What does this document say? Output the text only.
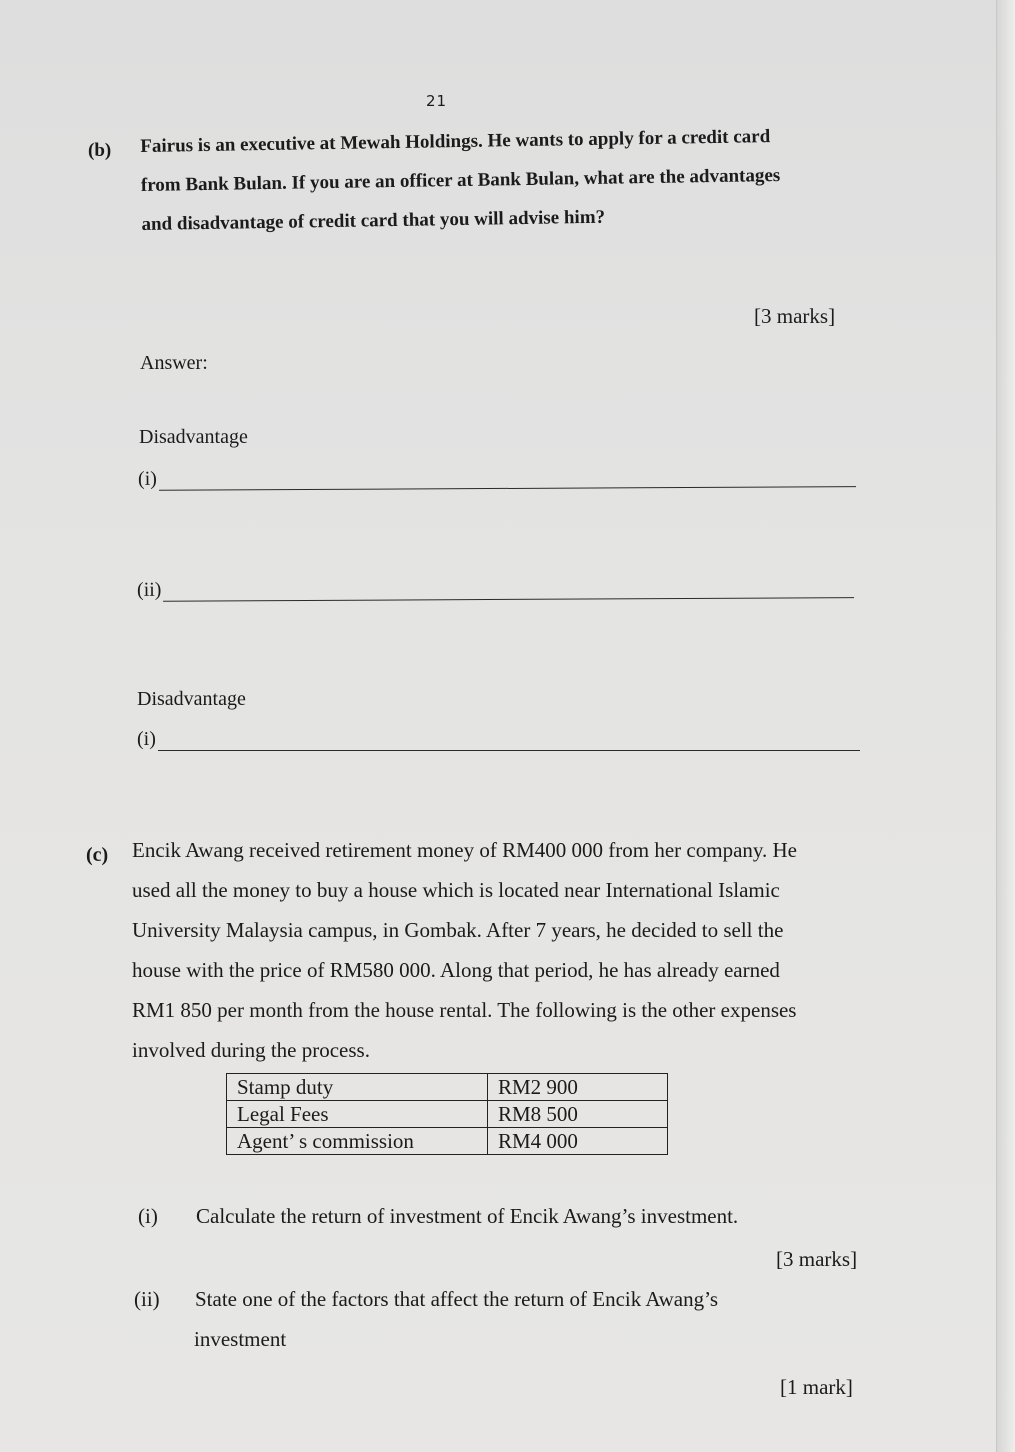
21
(b) Fairus is an executive at Mewah Holdings. He wants to apply for a credit card
from Bank Bulan. If you are an officer at Bank Bulan, what are the advantages
and disadvantage of credit card that you will advise him?
[3 marks]
Answer:
Disadvantage
(i)
(ii)
Disadvantage
(i)
(c) Encik Awang received retirement money of RM400 000 from her company. He
used all the money to buy a house which is located near International Islamic
University Malaysia campus, in Gombak. After 7 years, he decided to sell the
house with the price of RM580 000. Along that period, he has already earned
RM1 850 per month from the house rental. The following is the other expenses
involved during the process.
Stamp duty	RM2 900
Legal Fees	RM8 500
Agent’ s commission	RM4 000
(i) Calculate the return of investment of Encik Awang’s investment.
[3 marks]
(ii) State one of the factors that affect the return of Encik Awang’s
investment
[1 mark]
